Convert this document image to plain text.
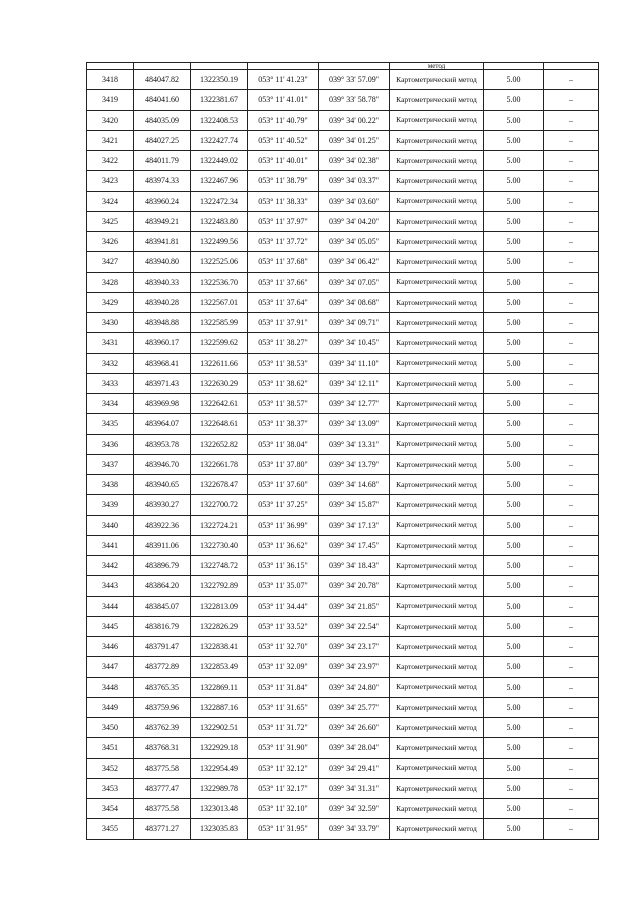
					метод		
3418	484047.82	1322350.19	053° 11' 41.23"	039° 33' 57.09"	Картометрический метод	5.00	–
3419	484041.60	1322381.67	053° 11' 41.01"	039° 33' 58.78"	Картометрический метод	5.00	–
3420	484035.09	1322408.53	053° 11' 40.79"	039° 34' 00.22"	Картометрический метод	5.00	–
3421	484027.25	1322427.74	053° 11' 40.52"	039° 34' 01.25"	Картометрический метод	5.00	–
3422	484011.79	1322449.02	053° 11' 40.01"	039° 34' 02.38"	Картометрический метод	5.00	–
3423	483974.33	1322467.96	053° 11' 38.79"	039° 34' 03.37"	Картометрический метод	5.00	–
3424	483960.24	1322472.34	053° 11' 38.33"	039° 34' 03.60"	Картометрический метод	5.00	–
3425	483949.21	1322483.80	053° 11' 37.97"	039° 34' 04.20"	Картометрический метод	5.00	–
3426	483941.81	1322499.56	053° 11' 37.72"	039° 34' 05.05"	Картометрический метод	5.00	–
3427	483940.80	1322525.06	053° 11' 37.68"	039° 34' 06.42"	Картометрический метод	5.00	–
3428	483940.33	1322536.70	053° 11' 37.66"	039° 34' 07.05"	Картометрический метод	5.00	–
3429	483940.28	1322567.01	053° 11' 37.64"	039° 34' 08.68"	Картометрический метод	5.00	–
3430	483948.88	1322585.99	053° 11' 37.91"	039° 34' 09.71"	Картометрический метод	5.00	–
3431	483960.17	1322599.62	053° 11' 38.27"	039° 34' 10.45"	Картометрический метод	5.00	–
3432	483968.41	1322611.66	053° 11' 38.53"	039° 34' 11.10"	Картометрический метод	5.00	–
3433	483971.43	1322630.29	053° 11' 38.62"	039° 34' 12.11"	Картометрический метод	5.00	–
3434	483969.98	1322642.61	053° 11' 38.57"	039° 34' 12.77"	Картометрический метод	5.00	–
3435	483964.07	1322648.61	053° 11' 38.37"	039° 34' 13.09"	Картометрический метод	5.00	–
3436	483953.78	1322652.82	053° 11' 38.04"	039° 34' 13.31"	Картометрический метод	5.00	–
3437	483946.70	1322661.78	053° 11' 37.80"	039° 34' 13.79"	Картометрический метод	5.00	–
3438	483940.65	1322678.47	053° 11' 37.60"	039° 34' 14.68"	Картометрический метод	5.00	–
3439	483930.27	1322700.72	053° 11' 37.25"	039° 34' 15.87"	Картометрический метод	5.00	–
3440	483922.36	1322724.21	053° 11' 36.99"	039° 34' 17.13"	Картометрический метод	5.00	–
3441	483911.06	1322730.40	053° 11' 36.62"	039° 34' 17.45"	Картометрический метод	5.00	–
3442	483896.79	1322748.72	053° 11' 36.15"	039° 34' 18.43"	Картометрический метод	5.00	–
3443	483864.20	1322792.89	053° 11' 35.07"	039° 34' 20.78"	Картометрический метод	5.00	–
3444	483845.07	1322813.09	053° 11' 34.44"	039° 34' 21.85"	Картометрический метод	5.00	–
3445	483816.79	1322826.29	053° 11' 33.52"	039° 34' 22.54"	Картометрический метод	5.00	–
3446	483791.47	1322838.41	053° 11' 32.70"	039° 34' 23.17"	Картометрический метод	5.00	–
3447	483772.89	1322853.49	053° 11' 32.09"	039° 34' 23.97"	Картометрический метод	5.00	–
3448	483765.35	1322869.11	053° 11' 31.84"	039° 34' 24.80"	Картометрический метод	5.00	–
3449	483759.96	1322887.16	053° 11' 31.65"	039° 34' 25.77"	Картометрический метод	5.00	–
3450	483762.39	1322902.51	053° 11' 31.72"	039° 34' 26.60"	Картометрический метод	5.00	–
3451	483768.31	1322929.18	053° 11' 31.90"	039° 34' 28.04"	Картометрический метод	5.00	–
3452	483775.58	1322954.49	053° 11' 32.12"	039° 34' 29.41"	Картометрический метод	5.00	–
3453	483777.47	1322989.78	053° 11' 32.17"	039° 34' 31.31"	Картометрический метод	5.00	–
3454	483775.58	1323013.48	053° 11' 32.10"	039° 34' 32.59"	Картометрический метод	5.00	–
3455	483771.27	1323035.83	053° 11' 31.95"	039° 34' 33.79"	Картометрический метод	5.00	–
